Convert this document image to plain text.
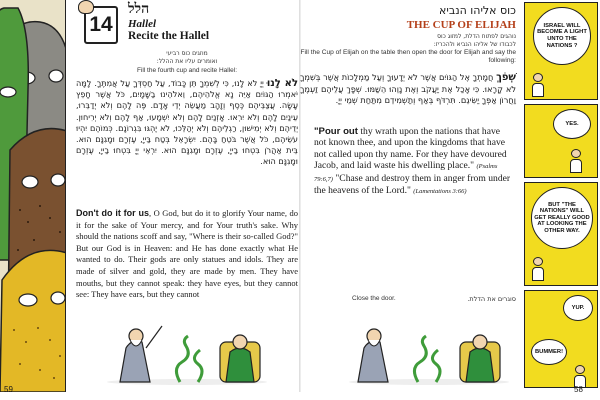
14
הלל
Hallel
Recite the Hallel
מוזגים כוס רביעי
ואומרים עליו את ההלל:
Fill the fourth cup and recite Hallel:
לֹא לָנוּ יְיָ לֹא לָנוּ, כִּי לְשִׁמְךָ תֵּן כָּבוֹד, עַל חַסְדְּךָ עַל אֲמִתֶּךָ. לָמָּה יֹאמְרוּ הַגּוֹיִם אַיֵּה נָא אֱלֹהֵיהֶם, וֵאלֹהֵינוּ בַשָּׁמָיִם, כֹּל אֲשֶׁר חָפֵץ עָשָׂה. עֲצַבֵּיהֶם כֶּסֶף וְזָהָב מַעֲשֵׂה יְדֵי אָדָם. פֶּה לָהֶם וְלֹא יְדַבֵּרוּ, עֵינַיִם לָהֶם וְלֹא יִרְאוּ. אָזְנַיִם לָהֶם וְלֹא יִשְׁמָעוּ, אַף לָהֶם וְלֹא יְרִיחוּן. יְדֵיהֶם וְלֹא יְמִישׁוּן, רַגְלֵיהֶם וְלֹא יְהַלֵּכוּ, לֹא יֶהְגּוּ בִּגְרוֹנָם. כְּמוֹהֶם יִהְיוּ עֹשֵׂיהֶם, כֹּל אֲשֶׁר בֹּטֵחַ בָּהֶם. יִשְׂרָאֵל בְּטַח בַּייָ, עֶזְרָם וּמָגִנָּם הוּא. בֵּית אַהֲרֹן בִּטְחוּ בַייָ, עֶזְרָם וּמָגִנָּם הוּא. יִרְאֵי יְיָ בִּטְחוּ בַייָ, עֶזְרָם וּמָגִנָּם הוּא.
Don't do it for us, O God, but do it to glorify Your name, do it for the sake of Your mercy, and for Your truth's sake. Why should the nations scoff and say, "Where is their so-called God?" But our God is in Heaven: and He has done exactly what He wanted to do. Their gods are only statues and idols. They are made of silver and gold, they are made by men. They have mouths, but they cannot speak: they have eyes, but they cannot see: They have ears, but they cannot
59
כוס אליהו הנביא
THE CUP OF ELIJAH
נוהגים לפתוח הדלת, למזוג כוס
לכבודו של אליהו הנביא ולהכריז:
Fill the Cup of Elijah on the table then open the door for Elijah and say the following:
שְׁפֹךְ חֲמָתְךָ אֶל הַגּוֹיִם אֲשֶׁר לֹא יְדָעוּךָ וְעַל מַמְלָכוֹת אֲשֶׁר בְּשִׁמְךָ לֹא קָרָאוּ. כִּי אָכַל אֶת יַעֲקֹב וְאֶת נָוֵהוּ הֵשַׁמּוּ. שְׁפָךְ עֲלֵיהֶם זַעְמֶךָ וַחֲרוֹן אַפְּךָ יַשִּׂיגֵם. תִּרְדֹּף בְּאַף וְתַשְׁמִידֵם מִתַּחַת שְׁמֵי יְיָ.
"Pour out thy wrath upon the nations that have not known thee, and upon the kingdoms that have not called upon thy name. For they have devoured Jacob, and laid waste his dwelling place." (Psalms 79:6,7) "Chase and destroy them in anger from under the heavens of the Lord." (Lamentations 3:66)
Close the door.	סוגרים את הדלת.
ISRAEL WILL BECOME A LIGHT UNTO THE NATIONS ?
YES.
BUT "THE NATIONS" WILL GET REALLY GOOD AT LOOKING THE OTHER WAY.
YUP.
BUMMER!
58
